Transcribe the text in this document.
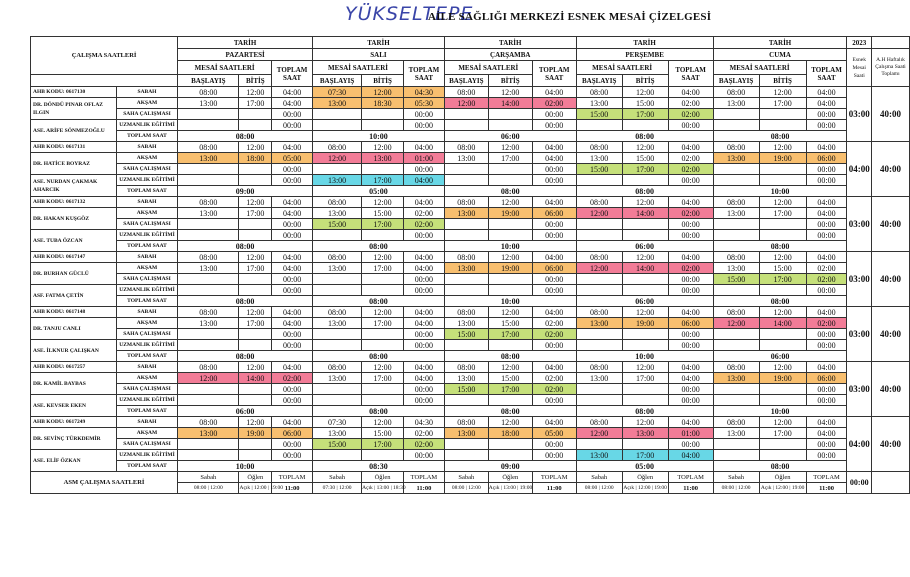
YÜKSELTEPE
AİLE SAĞLIĞI MERKEZİ ESNEK MESAİ ÇİZELGESİ
ÇALIŞMA SAATLERİ		TARİH			TARİH			TARİH			TARİH			TARİH			2023	
		PAZARTESİ			SALI			ÇARŞAMBA			PERŞEMBE			CUMA			Esnek Mesai Saati	A.H Haftalık Çalışma Saati Toplamı
		MESAİ SAATLERİ		TOPLAM SAAT	MESAİ SAATLERİ		TOPLAM SAAT	MESAİ SAATLERİ		TOPLAM SAAT	MESAİ SAATLERİ		TOPLAM SAAT	MESAİ SAATLERİ		TOPLAM SAAT		
		BAŞLAYIŞ	BİTİŞ		BAŞLAYIŞ	BİTİŞ		BAŞLAYIŞ	BİTİŞ		BAŞLAYIŞ	BİTİŞ		BAŞLAYIŞ	BİTİŞ			
AHB KODU: 0617130	SABAH	08:00	12:00	04:00	07:30	12:00	04:30	08:00	12:00	04:00	08:00	12:00	04:00	08:00	12:00	04:00	03:00	40:00
DR. DÖNDÜ PINAR OFLAZ ILGIN	AKŞAM	13:00	17:00	04:00	13:00	18:30	05:30	12:00	14:00	02:00	13:00	15:00	02:00	13:00	17:00	04:00		
	SAHA ÇALIŞMASI			00:00			00:00			00:00	15:00	17:00	02:00			00:00		
ASE. ARİFE SÖNMEZOĞLU	UZMANLIK EĞİTİMİ			00:00			00:00			00:00			00:00			00:00		
	TOPLAM SAAT	08:00			10:00			06:00			08:00			08:00				
AHB KODU: 0617131	SABAH	08:00	12:00	04:00	08:00	12:00	04:00	08:00	12:00	04:00	08:00	12:00	04:00	08:00	12:00	04:00	04:00	40:00
DR. HATİCE BOYRAZ	AKŞAM	13:00	18:00	05:00	12:00	13:00	01:00	13:00	17:00	04:00	13:00	15:00	02:00	13:00	19:00	06:00		
	SAHA ÇALIŞMASI			00:00			00:00			00:00	15:00	17:00	02:00			00:00		
ASE. NURDAN ÇAKMAK AHARCIK	UZMANLIK EĞİTİMİ			00:00	13:00	17:00	04:00			00:00			00:00			00:00		
	TOPLAM SAAT	09:00			05:00			08:00			08:00			10:00				
AHB KODU: 0617132	SABAH	08:00	12:00	04:00	08:00	12:00	04:00	08:00	12:00	04:00	08:00	12:00	04:00	08:00	12:00	04:00	03:00	40:00
DR. HAKAN KUŞGÖZ	AKŞAM	13:00	17:00	04:00	13:00	15:00	02:00	13:00	19:00	06:00	12:00	14:00	02:00	13:00	17:00	04:00		
	SAHA ÇALIŞMASI			00:00	15:00	17:00	02:00			00:00			00:00			00:00		
ASE. TUBA ÖZCAN	UZMANLIK EĞİTİMİ			00:00			00:00			00:00			00:00			00:00		
	TOPLAM SAAT	08:00			08:00			10:00			06:00			08:00				
AHB KODU: 0617147	SABAH	08:00	12:00	04:00	08:00	12:00	04:00	08:00	12:00	04:00	08:00	12:00	04:00	08:00	12:00	04:00	03:00	40:00
DR. BURHAN GÜCLÜ	AKŞAM	13:00	17:00	04:00	13:00	17:00	04:00	13:00	19:00	06:00	12:00	14:00	02:00	13:00	15:00	02:00		
	SAHA ÇALIŞMASI			00:00			00:00			00:00			00:00	15:00	17:00	02:00		
ASF. FATMA ÇETİN	UZMANLIK EĞİTİMİ			00:00			00:00			00:00			00:00			00:00		
	TOPLAM SAAT	08:00			08:00			10:00			06:00			08:00				
AHB KODU: 0617148	SABAH	08:00	12:00	04:00	08:00	12:00	04:00	08:00	12:00	04:00	08:00	12:00	04:00	08:00	12:00	04:00	03:00	40:00
DR. TANJU CANLI	AKŞAM	13:00	17:00	04:00	13:00	17:00	04:00	13:00	15:00	02:00	13:00	19:00	06:00	12:00	14:00	02:00		
	SAHA ÇALIŞMASI			00:00			00:00	15:00	17:00	02:00			00:00			00:00		
ASE. İLKNUR ÇALIŞKAN	UZMANLIK EĞİTİMİ			00:00			00:00			00:00			00:00			00:00		
	TOPLAM SAAT	08:00			08:00			08:00			10:00			06:00				
AHB KODU: 0617257	SABAH	08:00	12:00	04:00	08:00	12:00	04:00	08:00	12:00	04:00	08:00	12:00	04:00	08:00	12:00	04:00	03:00	40:00
DR. KAMİL BAYBAS	AKŞAM	12:00	14:00	02:00	13:00	17:00	04:00	13:00	15:00	02:00	13:00	17:00	04:00	13:00	19:00	06:00		
	SAHA ÇALIŞMASI			00:00			00:00	15:00	17:00	02:00			00:00			00:00		
ASE. KEVSER EKEN	UZMANLIK EĞİTİMİ			00:00			00:00			00:00			00:00			00:00		
	TOPLAM SAAT	06:00			08:00			08:00			08:00			10:00				
AHB KODU: 0617249	SABAH	08:00	12:00	04:00	07:30	12:00	04:30	08:00	12:00	04:00	08:00	12:00	04:00	08:00	12:00	04:00	04:00	40:00
DR. SEVİNÇ TÜRKDEMİR	AKŞAM	13:00	19:00	06:00	13:00	15:00	02:00	13:00	18:00	05:00	12:00	13:00	01:00	13:00	17:00	04:00		
	SAHA ÇALIŞMASI			00:00	15:00	17:00	02:00			00:00			00:00			00:00		
ASE. ELİF ÖZKAN	UZMANLIK EĞİTİMİ			00:00			00:00			00:00	13:00	17:00	04:00			00:00		
	TOPLAM SAAT	10:00			08:30			09:00			05:00			08:00				
ASM ÇALIŞMA SAATLERİ		Sabah	Öğlen	TOPLAM	Sabah	Öğlen	TOPLAM	Sabah	Öğlen	TOPLAM	Sabah	Öğlen	TOPLAM	Sabah	Öğlen	TOPLAM	00:00	
		08:00 | 12:00	Açık | 12:00 | 19:00	11:00	07:30 | 12:00	Açık | 13:00 | 18:30	11:00	08:00 | 12:00	Açık | 13:00 | 19:00	11:00	08:00 | 12:00	Açık | 12:00 | 19:00	11:00	08:00 | 12:00	Açık | 12:00 | 19:00	11:00		
